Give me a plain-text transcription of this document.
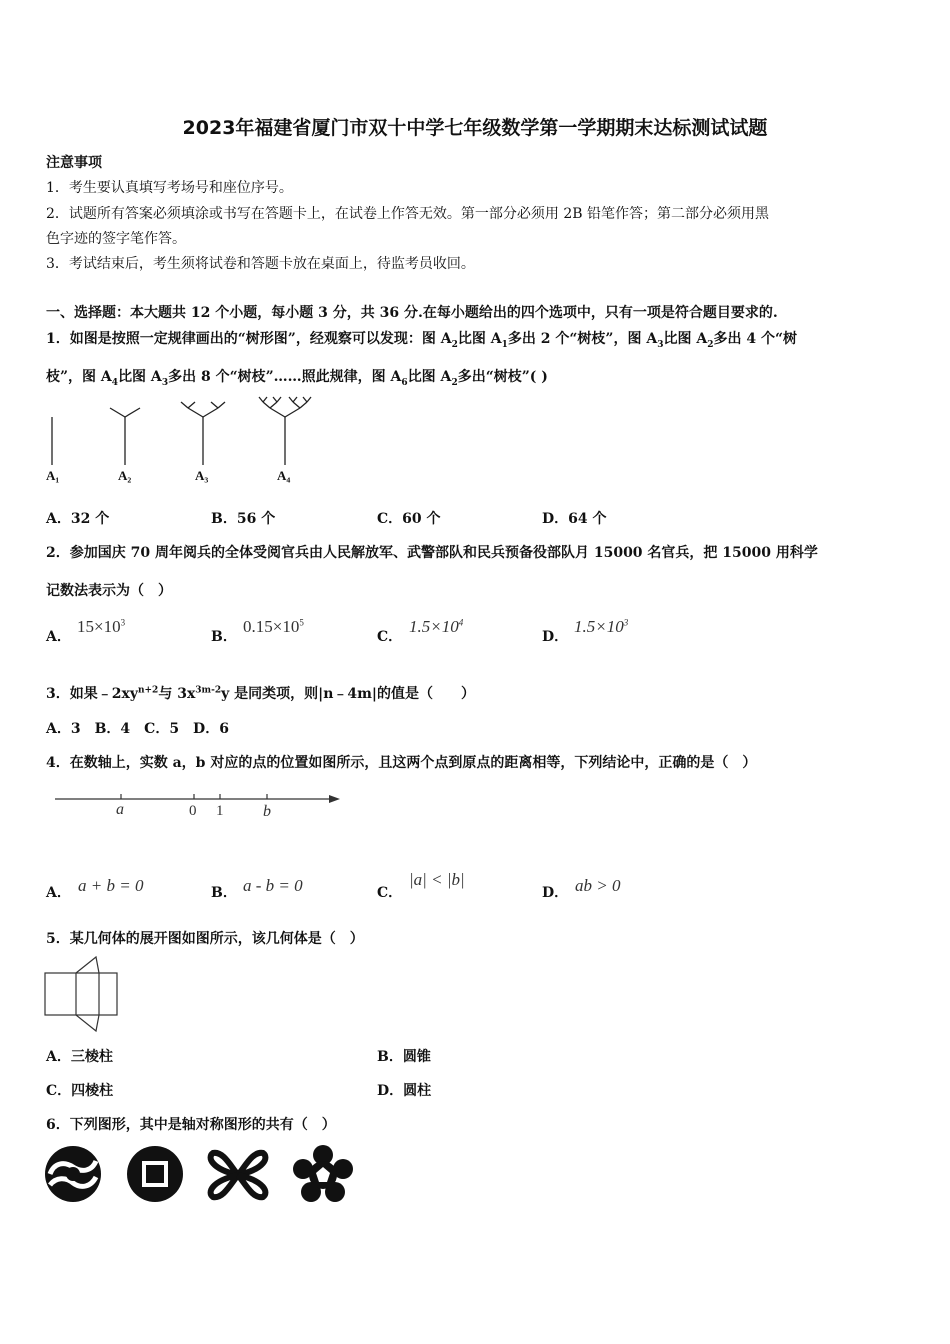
2023年福建省厦门市双十中学七年级数学第一学期期末达标测试试题
注意事项
1．考生要认真填写考场号和座位序号。
2．试题所有答案必须填涂或书写在答题卡上，在试卷上作答无效。第一部分必须用 2B 铅笔作答；第二部分必须用黑
色字迹的签字笔作答。
3．考试结束后，考生须将试卷和答题卡放在桌面上，待监考员收回。
一、选择题：本大题共 12 个小题，每小题 3 分，共 36 分.在每小题给出的四个选项中，只有一项是符合题目要求的.
1．如图是按照一定规律画出的“树形图”，经观察可以发现：图 $A_2$比图 $A_1$多出 2 个“树枝”，图 $A_3$比图 $A_2$多出 4 个“树
枝”，图 $A_4$比图 $A_3$多出 8 个“树枝”……照此规律，图 $A_6$比图 $A_2$多出“树枝”( )
A₁	A₂	A₃	A₄
A．32 个	B．56 个	C．60 个	D．64 个
2．参加国庆 70 周年阅兵的全体受阅官兵由人民解放军、武警部队和民兵预备役部队月 15000 名官兵，把 15000 用科学
记数法表示为（　）
A．
$15\times 10^3$
B．
$0.15\times 10^5$
C．
$1.5\times 10^4$
D．
$1.5\times 10^3$
3．如果$﹣2xy^{n+2}$与 $3x^{3m-2}y$ 是同类项，则|n﹣4m|的值是（　　）
A．3　B．4　C．5　D．6
4．在数轴上，实数 a，b 对应的点的位置如图所示，且这两个点到原点的距离相等，下列结论中，正确的是（　）
a	0 1 b
A． a + b = 0	B． a - b = 0	C．
|a| < |b|
D． ab > 0
5．某几何体的展开图如图所示，该几何体是（　）
A．三棱柱	B．圆锥
C．四棱柱	D．圆柱
6．下列图形，其中是轴对称图形的共有（　）
